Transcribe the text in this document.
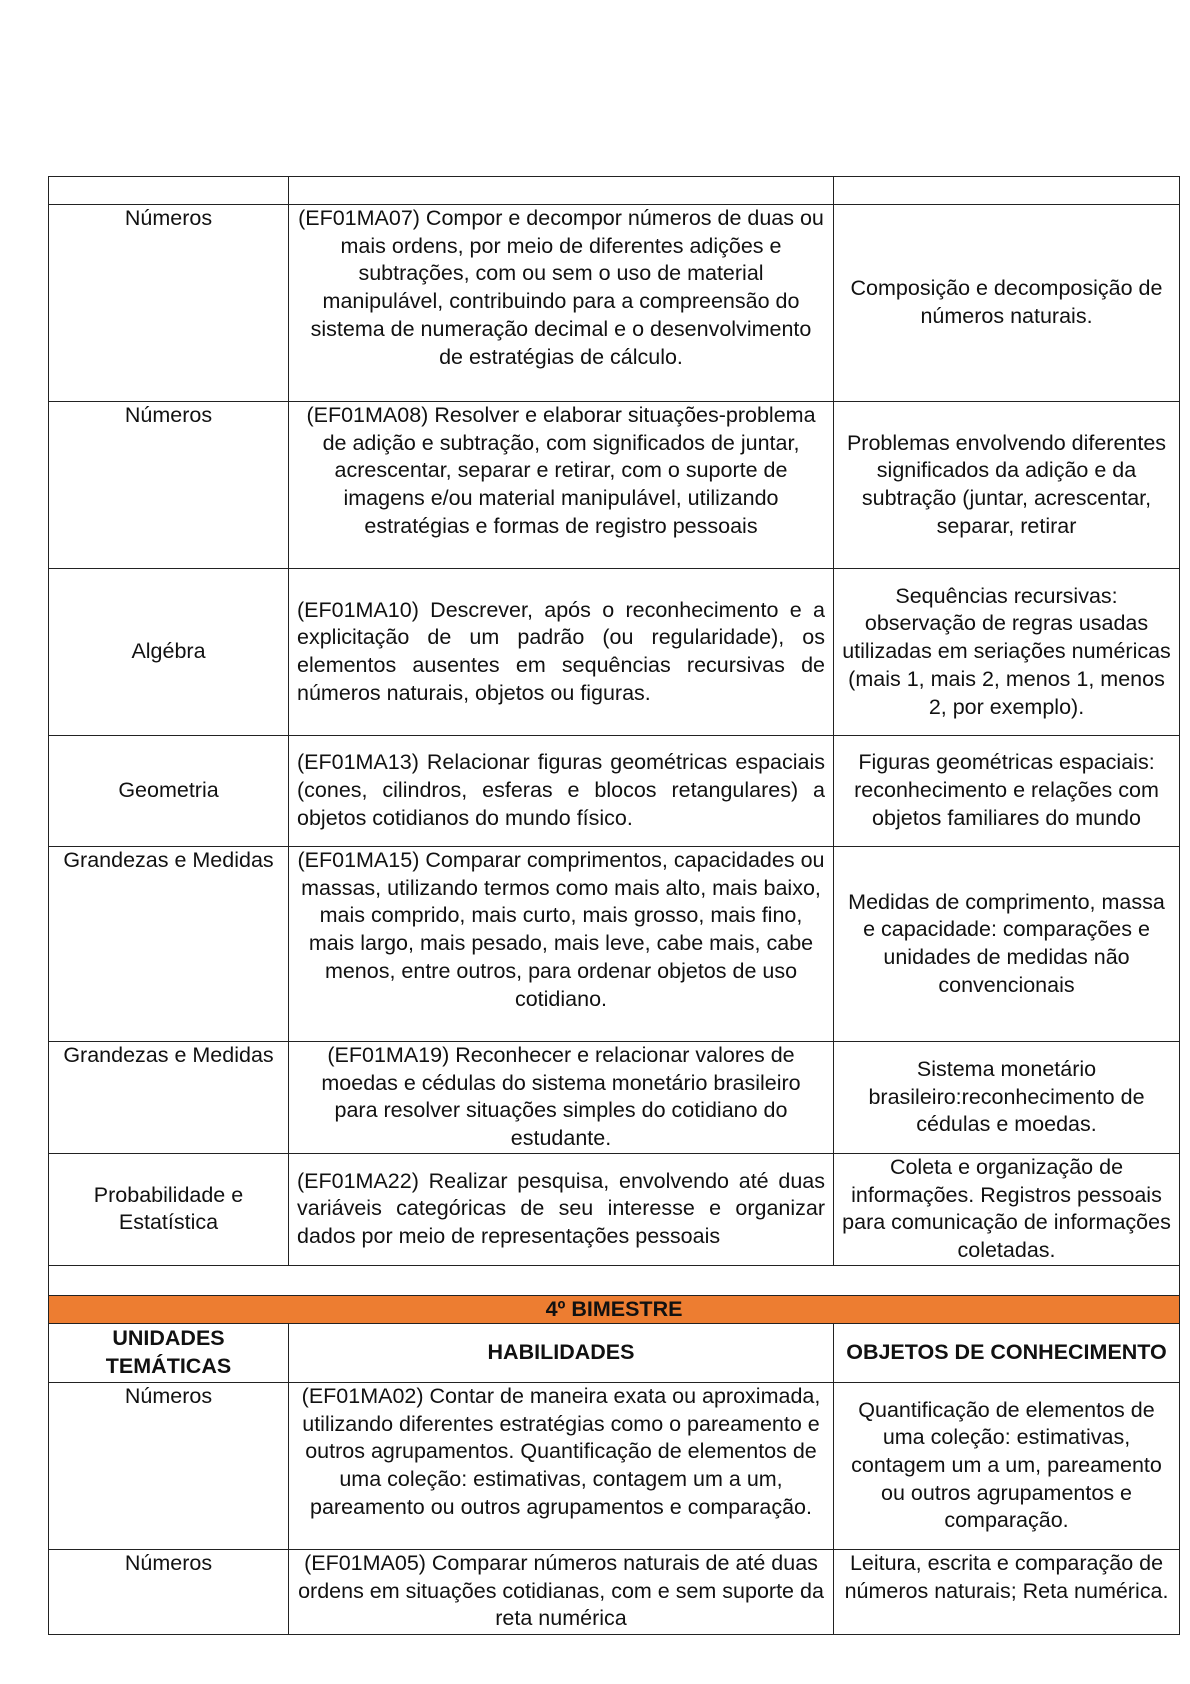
Números	(EF01MA07) Compor e decompor números de duas ou mais ordens, por meio de diferentes adições e subtrações, com ou sem o uso de material manipulável, contribuindo para a compreensão do sistema de numeração decimal e o desenvolvimento de estratégias de cálculo.	Composição e decomposição de números naturais.
Números	(EF01MA08) Resolver e elaborar situações-problema de adição e subtração, com significados de juntar, acrescentar, separar e retirar, com o suporte de imagens e/ou material manipulável, utilizando estratégias e formas de registro pessoais	Problemas envolvendo diferentes significados da adição e da subtração (juntar, acrescentar, separar, retirar
Algébra	(EF01MA10) Descrever, após o reconhecimento e a explicitação de um padrão (ou regularidade), os elementos ausentes em sequências recursivas de números naturais, objetos ou figuras.	Sequências recursivas: observação de regras usadas utilizadas em seriações numéricas (mais 1, mais 2, menos 1, menos 2, por exemplo).
Geometria	(EF01MA13) Relacionar figuras geométricas espaciais (cones, cilindros, esferas e blocos retangulares) a objetos cotidianos do mundo físico.	Figuras geométricas espaciais: reconhecimento e relações com objetos familiares do mundo
Grandezas e Medidas	(EF01MA15) Comparar comprimentos, capacidades ou massas, utilizando termos como mais alto, mais baixo, mais comprido, mais curto, mais grosso, mais fino, mais largo, mais pesado, mais leve, cabe mais, cabe menos, entre outros, para ordenar objetos de uso cotidiano.	Medidas de comprimento, massa e capacidade: comparações e unidades de medidas não convencionais
Grandezas e Medidas	(EF01MA19) Reconhecer e relacionar valores de moedas e cédulas do sistema monetário brasileiro para resolver situações simples do cotidiano do estudante.	Sistema monetário brasileiro:reconhecimento de cédulas e moedas.
Probabilidade e Estatística	(EF01MA22) Realizar pesquisa, envolvendo até duas variáveis categóricas de seu interesse e organizar dados por meio de representações pessoais	Coleta e organização de informações. Registros pessoais para comunicação de informações coletadas.

4º BIMESTRE		
UNIDADES TEMÁTICAS	HABILIDADES	OBJETOS DE CONHECIMENTO
Números	(EF01MA02) Contar de maneira exata ou aproximada, utilizando diferentes estratégias como o pareamento e outros agrupamentos. Quantificação de elementos de uma coleção: estimativas, contagem um a um, pareamento ou outros agrupamentos e comparação.	Quantificação de elementos de uma coleção: estimativas, contagem um a um, pareamento ou outros agrupamentos e comparação.
Números	(EF01MA05) Comparar números naturais de até duas ordens em situações cotidianas, com e sem suporte da reta numérica	Leitura, escrita e comparação de números naturais; Reta numérica.
